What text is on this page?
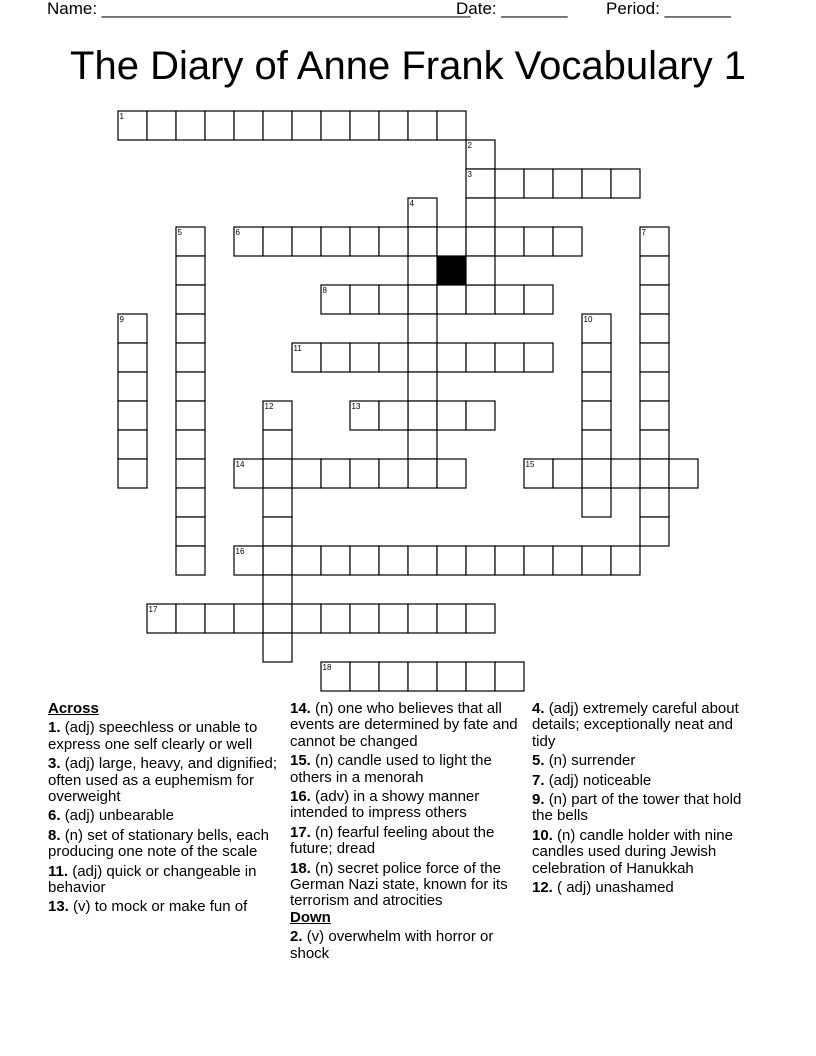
Name: _______________________________________
Date: _______ Period: _______
The Diary of Anne Frank Vocabulary 1
1
2
3
4
5	6	7
8
9	10
11
12	13
14	15
16
17
18
Across
1. (adj) speechless or unable to express one self clearly or well
3. (adj) large, heavy, and dignified; often used as a euphemism for overweight
6. (adj) unbearable
8. (n) set of stationary bells, each producing one note of the scale
11. (adj) quick or changeable in behavior
13. (v) to mock or make fun of
14. (n) one who believes that all events are determined by fate and cannot be changed
15. (n) candle used to light the others in a menorah
16. (adv) in a showy manner intended to impress others
17. (n) fearful feeling about the future; dread
18. (n) secret police force of the German Nazi state, known for its terrorism and atrocities
Down
2. (v) overwhelm with horror or shock
4. (adj) extremely careful about details; exceptionally neat and tidy
5. (n) surrender
7. (adj) noticeable
9. (n) part of the tower that hold the bells
10. (n) candle holder with nine candles used during Jewish celebration of Hanukkah
12. ( adj) unashamed
